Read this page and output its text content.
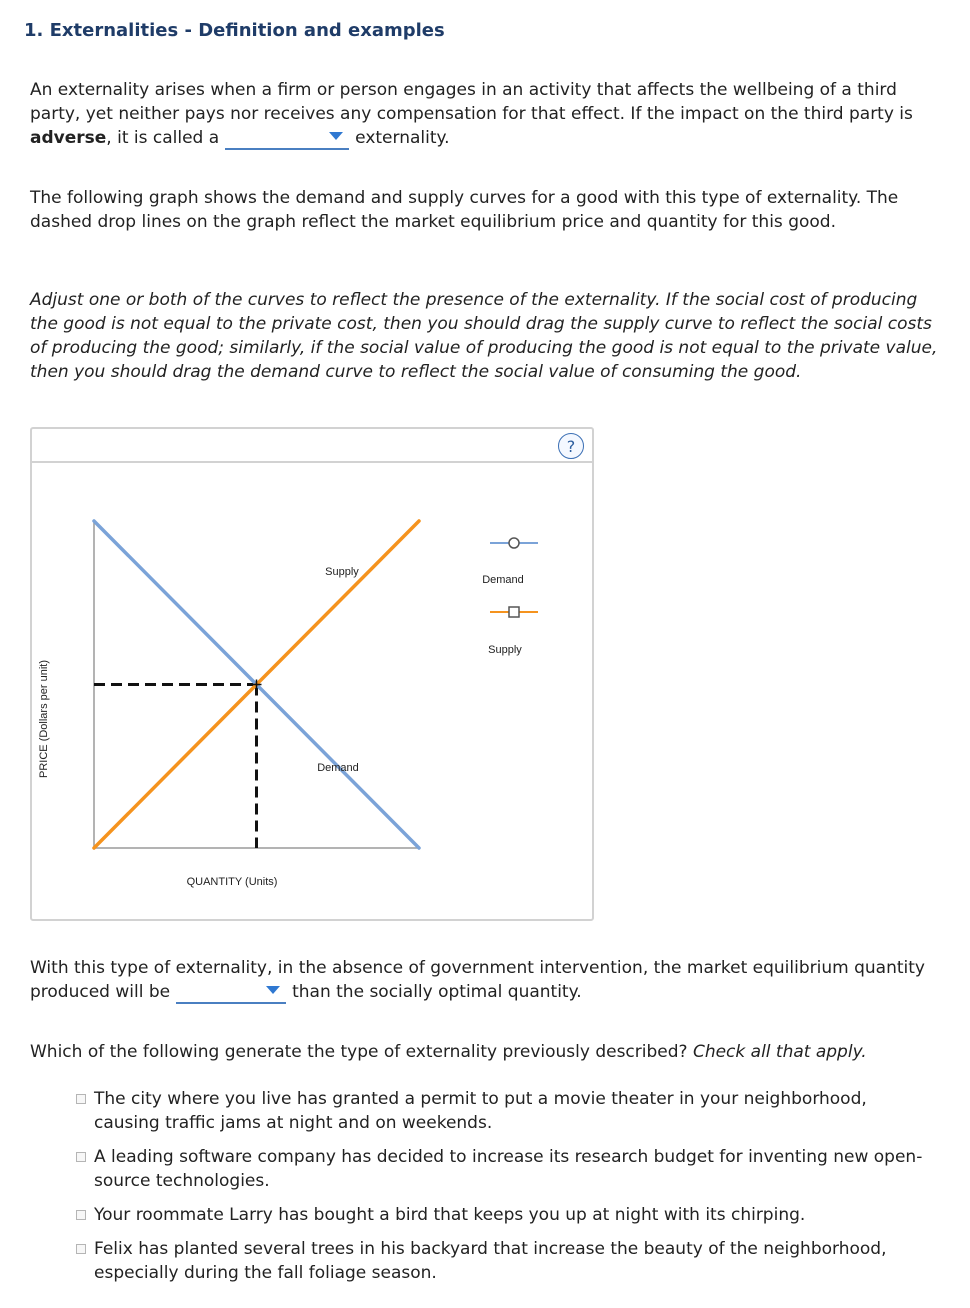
1. Externalities - Definition and examples
An externality arises when a firm or person engages in an activity that affects the wellbeing of a third party, yet neither pays nor receives any compensation for that effect. If the impact on the third party is adverse, it is called a	externality.
The following graph shows the demand and supply curves for a good with this type of externality. The dashed drop lines on the graph reflect the market equilibrium price and quantity for this good.
Adjust one or both of the curves to reflect the presence of the externality. If the social cost of producing the good is not equal to the private cost, then you should drag the supply curve to reflect the social costs of producing the good; similarly, if the social value of producing the good is not equal to the private value, then you should drag the demand curve to reflect the social value of consuming the good.
?
PRICE (Dollars per unit)
QUANTITY (Units)
Supply
Demand
Demand
Supply
With this type of externality, in the absence of government intervention, the market equilibrium quantity produced will be	than the socially optimal quantity.
Which of the following generate the type of externality previously described? Check all that apply.
The city where you live has granted a permit to put a movie theater in your neighborhood, causing traffic jams at night and on weekends.
A leading software company has decided to increase its research budget for inventing new open-source technologies.
Your roommate Larry has bought a bird that keeps you up at night with its chirping.
Felix has planted several trees in his backyard that increase the beauty of the neighborhood, especially during the fall foliage season.
